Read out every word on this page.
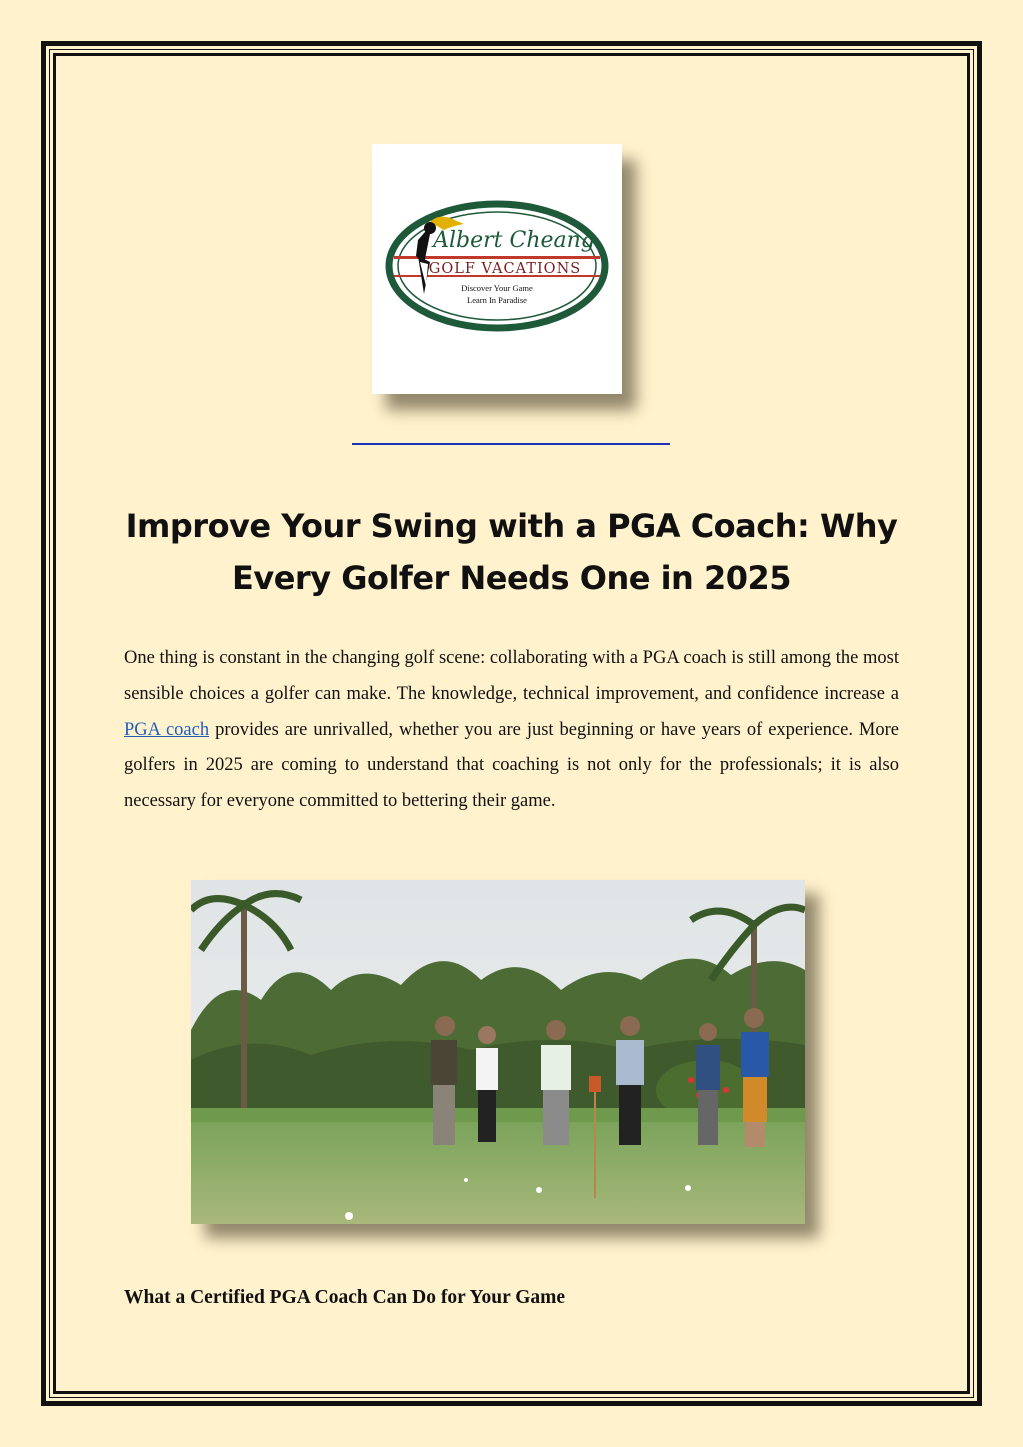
Albert Cheang
GOLF VACATIONS
Discover Your Game
Learn In Paradise
Improve Your Swing with a PGA Coach: Why Every Golfer Needs One in 2025

One thing is constant in the changing golf scene: collaborating with a PGA coach is still among the most sensible choices a golfer can make. The knowledge, technical improvement, and confidence increase a PGA coach provides are unrivalled, whether you are just beginning or have years of experience. More golfers in 2025 are coming to understand that coaching is not only for the professionals; it is also necessary for everyone committed to bettering their game.

What a Certified PGA Coach Can Do for Your Game
